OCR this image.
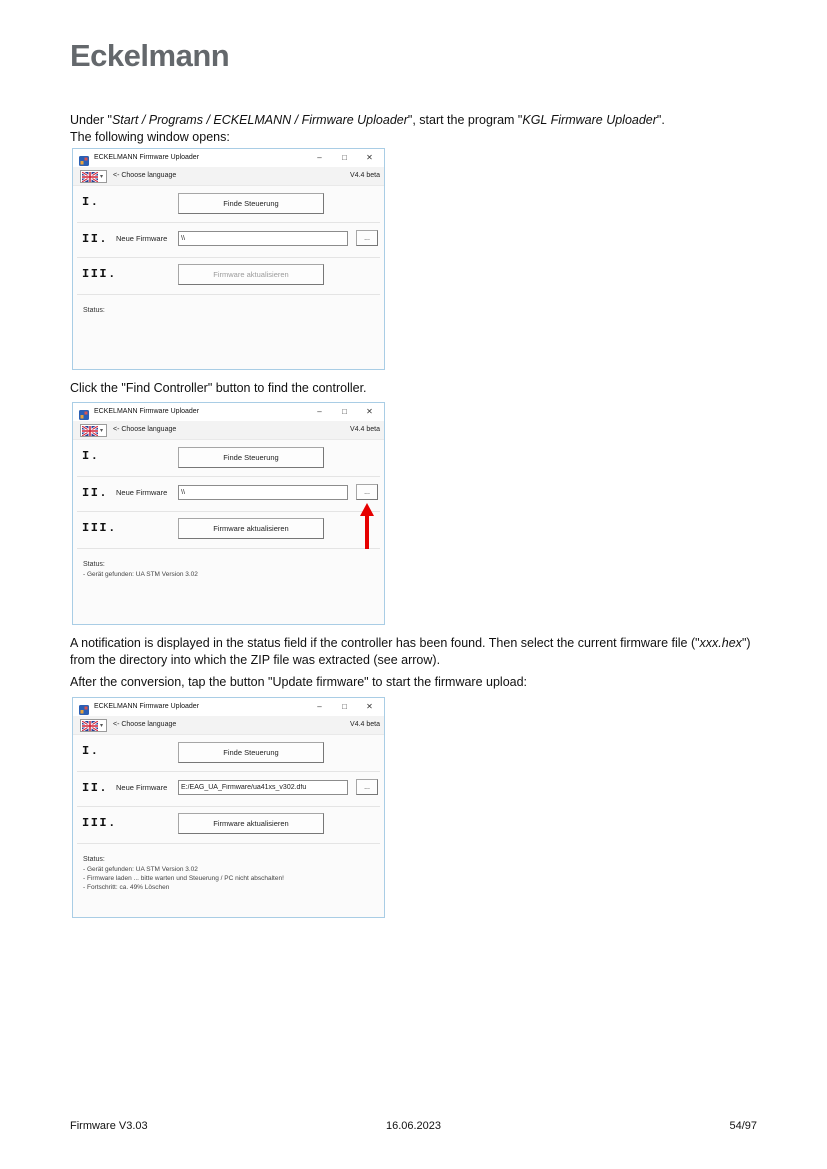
Eckelmann
Under "Start / Programs / ECKELMANN / Firmware Uploader", start the program "KGL Firmware Uploader".
The following window opens:
ECKELMANN Firmware Uploader	–	□	✕
▾ <- Choose language	V4.4 beta
I.	Finde Steuerung
II. Neue Firmware
\\	...
III.	Firmware aktualisieren
Status:
Click the "Find Controller" button to find the controller.
ECKELMANN Firmware Uploader	–	□	✕
▾ <- Choose language	V4.4 beta
I.	Finde Steuerung
II. Neue Firmware
\\	...
III.	Firmware aktualisieren
Status:
- Gerät gefunden: UA STM Version 3.02
A notification is displayed in the status field if the controller has been found. Then select the current firmware file ("xxx.hex") from the directory into which the ZIP file was extracted (see arrow).
After the conversion, tap the button "Update firmware" to start the firmware upload:
ECKELMANN Firmware Uploader	–	□	✕
▾ <- Choose language	V4.4 beta
I.	Finde Steuerung
II. Neue Firmware
E:/EAG_UA_Firmware/ua41xs_v302.dfu	...
III.	Firmware aktualisieren
Status:
- Gerät gefunden: UA STM Version 3.02
- Firmware laden ... bitte warten und Steuerung / PC nicht abschalten!
- Fortschritt: ca. 49% Löschen
Firmware V3.03	16.06.2023	54/97
